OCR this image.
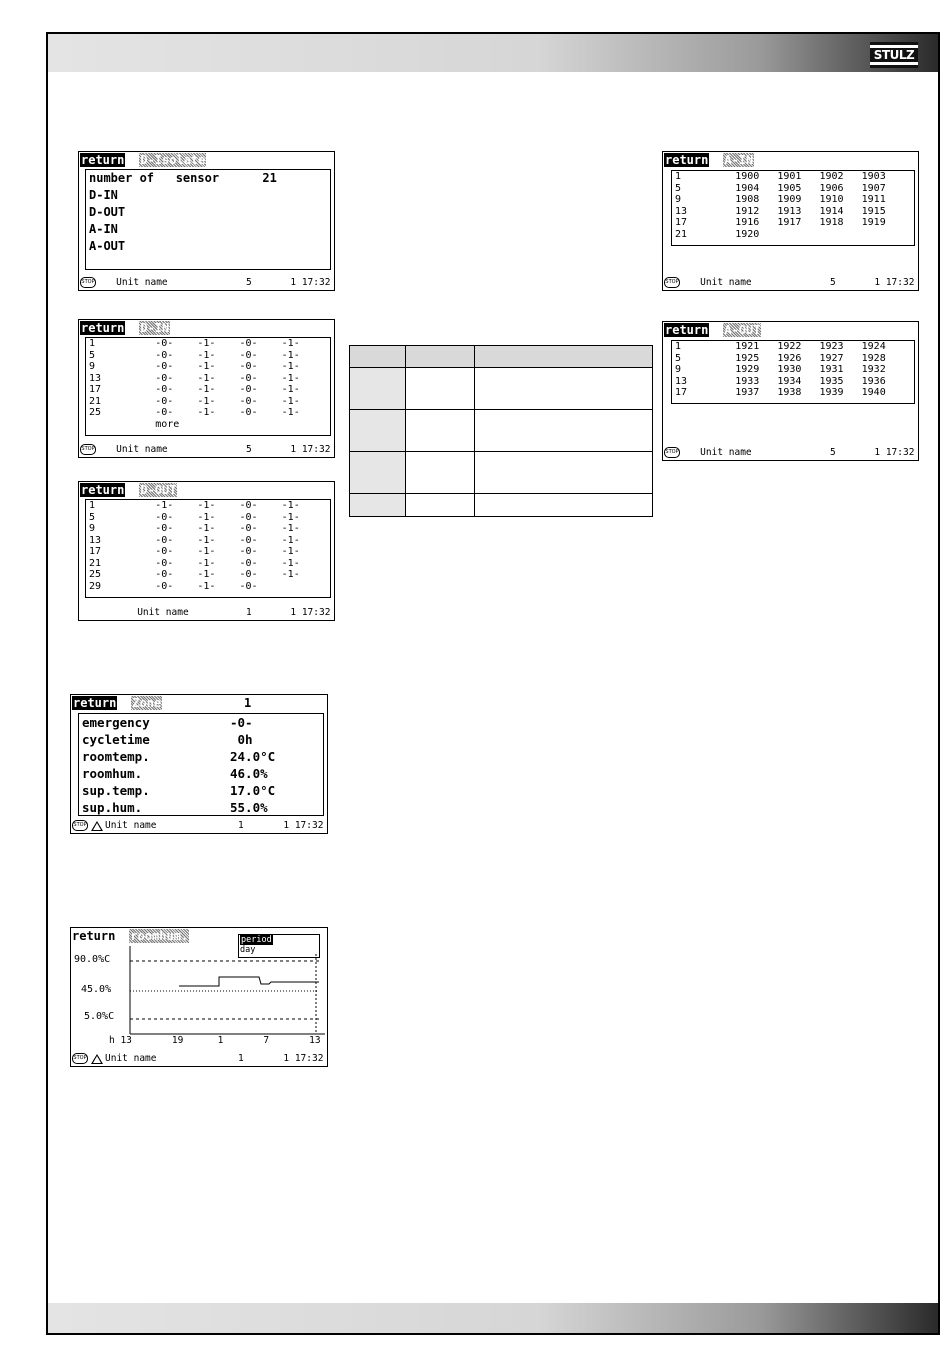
STULZ
return D-Isolate
number of   sensor      21
D-IN
D-OUT
A-IN
A-OUT
STOP Unit name	5	1 17:32
return D-IN
1          -0-    -1-    -0-    -1-
5          -0-    -1-    -0-    -1-
9          -0-    -1-    -0-    -1-
13         -0-    -1-    -0-    -1-
17         -0-    -1-    -0-    -1-
21         -0-    -1-    -0-    -1-
25         -0-    -1-    -0-    -1-
more
STOP Unit name	5	1 17:32
return D-OUT
1          -1-    -1-    -0-    -1-
5          -0-    -1-    -0-    -1-
9          -0-    -1-    -0-    -1-
13         -0-    -1-    -0-    -1-
17         -0-    -1-    -0-    -1-
21         -0-    -1-    -0-    -1-
25         -0-    -1-    -0-    -1-
29         -0-    -1-    -0-
Unit name	1	1 17:32
return Zone	1
emergency	-0-
cycletime	0h
roomtemp.	24.0°C
roomhum.	46.0%
sup.temp.	17.0°C
sup.hum.	55.0%
STOP Unit name	1	1 17:32
return roomhum.	period
day
90.0%C
45.0%
5.0%C
h 13       19      1       7       13
STOP Unit name	1	1 17:32

return A-IN
1         1900   1901   1902   1903
5         1904   1905   1906   1907
9         1908   1909   1910   1911
13        1912   1913   1914   1915
17        1916   1917   1918   1919
21        1920
STOP Unit name	5	1 17:32
return A-OUT
1         1921   1922   1923   1924
5         1925   1926   1927   1928
9         1929   1930   1931   1932
13        1933   1934   1935   1936
17        1937   1938   1939   1940
STOP Unit name	5	1 17:32
